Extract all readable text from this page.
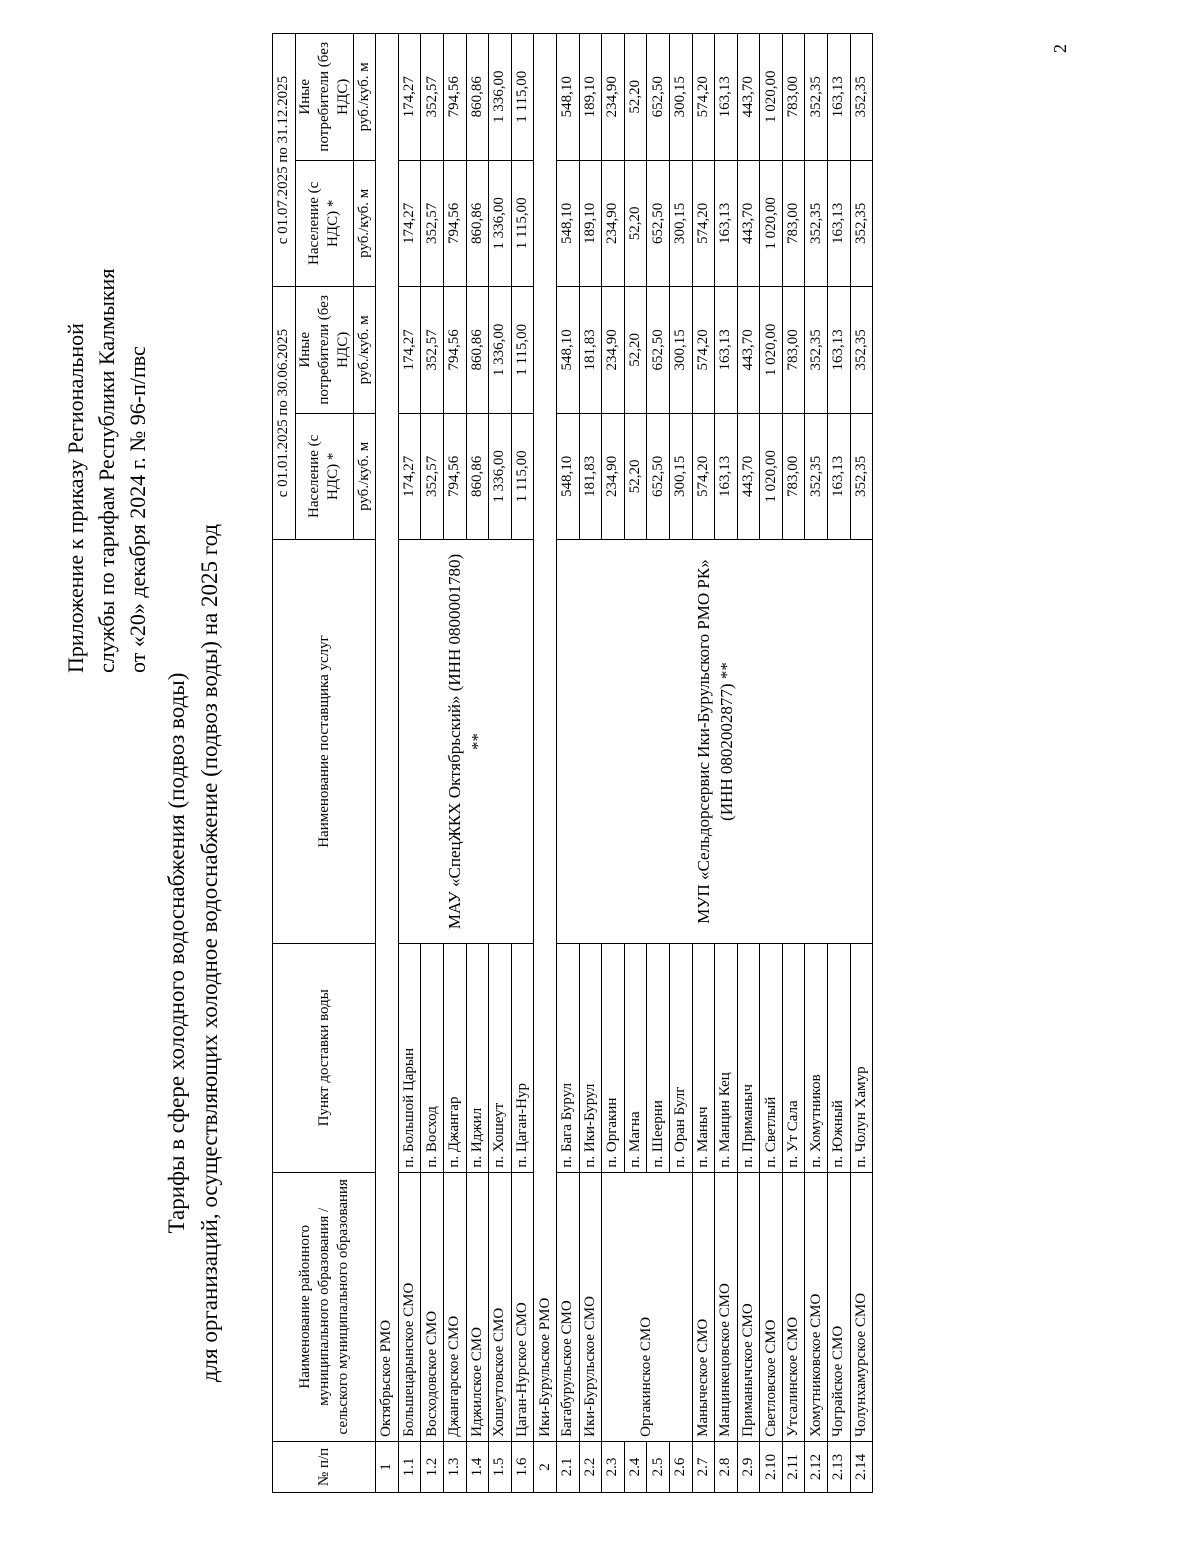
Приложение к приказу Региональной службы по тарифам Республики Калмыкия от «20» декабря 2024 г. № 96-п/пвс
Тарифы в сфере холодного водоснабжения (подвоз воды) для организаций, осуществляющих холодное водоснабжение (подвоз воды) на 2025 год
2
№ п/п	Наименование районного муниципального образования / сельского муниципального образования	Пункт доставки воды	Наименование поставщика услуг	с 01.01.2025 по 30.06.2025		с 01.07.2025 по 31.12.2025	
				Население (с НДС) *	Иные потребители (без НДС)	Население (с НДС) *	Иные потребители (без НДС)
				руб./куб. м	руб./куб. м	руб./куб. м	руб./куб. м
1	Октябрьское РМО						
1.1	Большецарынское СМО	п. Большой Царын	МАУ «СпецЖКХ Октябрьский» (ИНН 0800001780) **	174,27	174,27	174,27	174,27
1.2	Восходовское СМО	п. Восход		352,57	352,57	352,57	352,57
1.3	Джангарское СМО	п. Джангар		794,56	794,56	794,56	794,56
1.4	Иджилское СМО	п. Иджил		860,86	860,86	860,86	860,86
1.5	Хошеутовское СМО	п. Хошеут		1 336,00	1 336,00	1 336,00	1 336,00
1.6	Цаган-Нурское СМО	п. Цаган-Нур		1 115,00	1 115,00	1 115,00	1 115,00
2	Ики-Бурульское РМО						
2.1	Багабурульское СМО	п. Бага Бурул	МУП «Сельдорсервис Ики-Бурульского РМО РК» (ИНН 0802002877) **	548,10	548,10	548,10	548,10
2.2	Ики-Бурульское СМО	п. Ики-Бурул		181,83	181,83	189,10	189,10
2.3	Оргакинское СМО	п. Оргакин		234,90	234,90	234,90	234,90
2.4		п. Магна		52,20	52,20	52,20	52,20
2.5		п. Шеерни		652,50	652,50	652,50	652,50
2.6		п. Оран Булг		300,15	300,15	300,15	300,15
2.7	Маныческое СМО	п. Маныч		574,20	574,20	574,20	574,20
2.8	Манцинкецовское СМО	п. Манцин Кец		163,13	163,13	163,13	163,13
2.9	Приманычское СМО	п. Приманыч		443,70	443,70	443,70	443,70
2.10	Светловское СМО	п. Светлый		1 020,00	1 020,00	1 020,00	1 020,00
2.11	Утсалинское СМО	п. Ут Сала		783,00	783,00	783,00	783,00
2.12	Хомутниковское СМО	п. Хомутников		352,35	352,35	352,35	352,35
2.13	Чограйское СМО	п. Южный		163,13	163,13	163,13	163,13
2.14	Чолунхамурское СМО	п. Чолун Хамур		352,35	352,35	352,35	352,35
